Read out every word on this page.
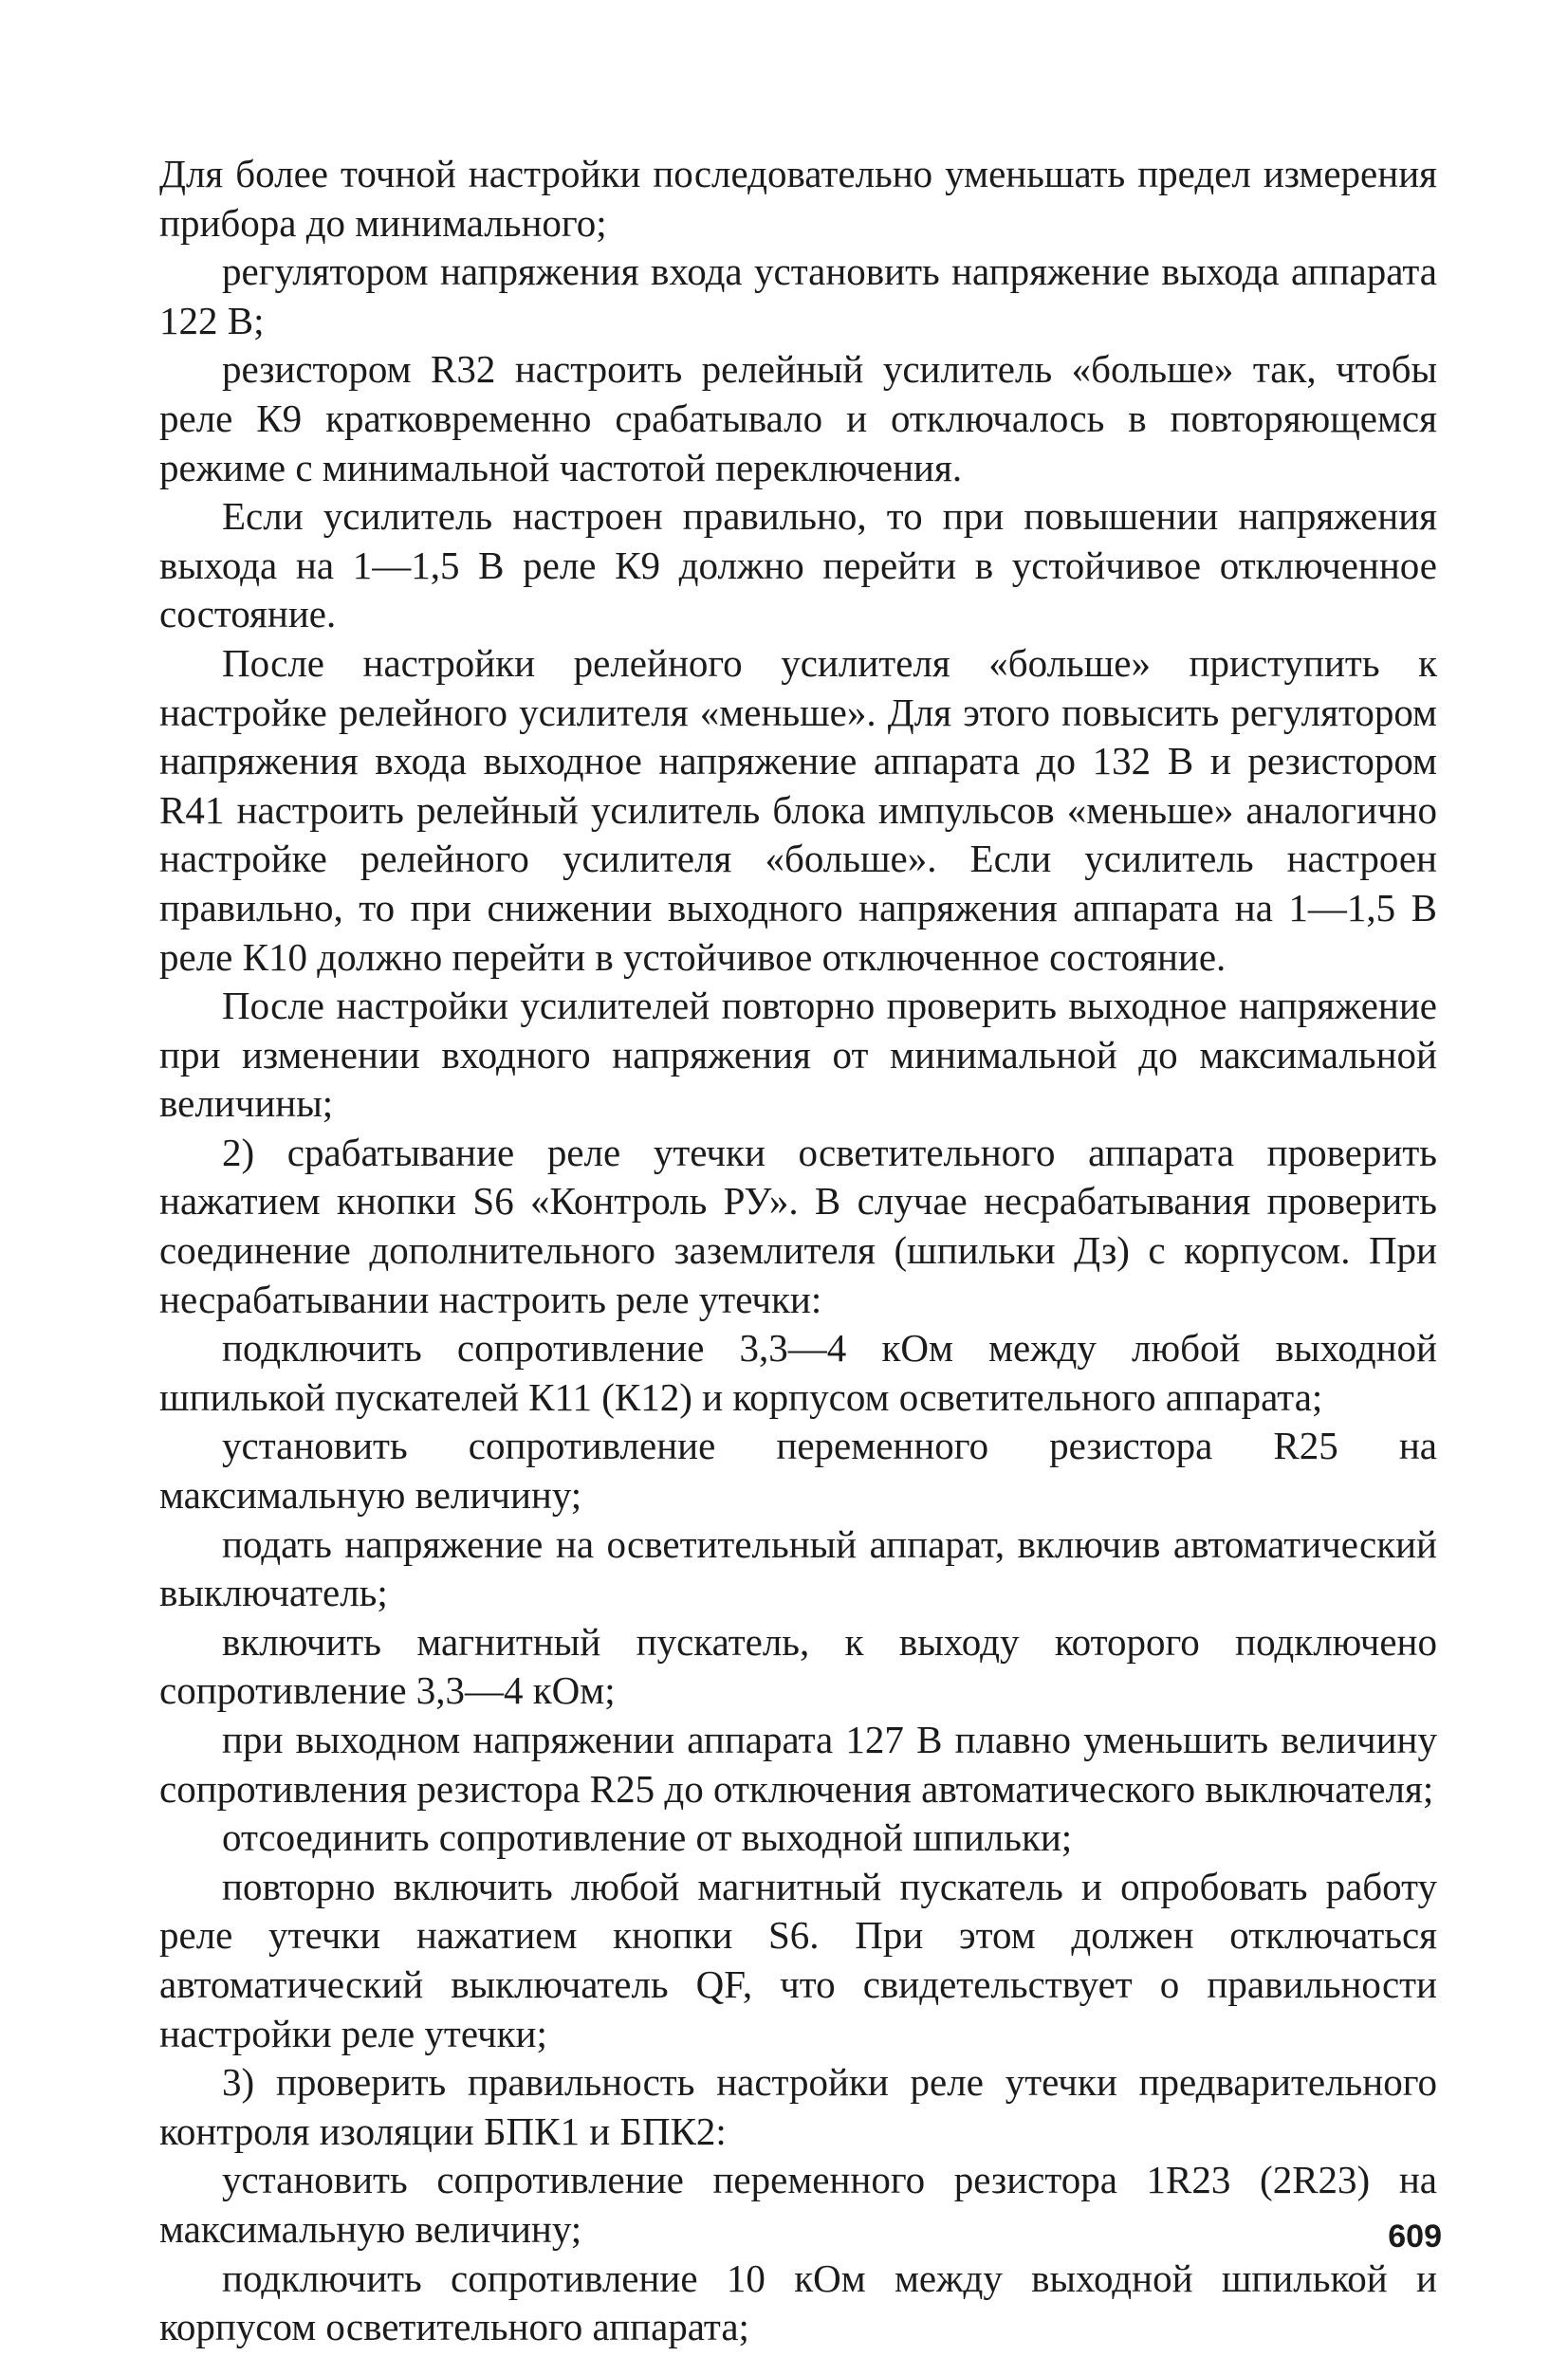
Для более точной настройки последовательно уменьшать предел измерения прибора до минимального;

регулятором напряжения входа установить напряжение выхода аппарата 122 В;

резистором R32 настроить релейный усилитель «больше» так, чтобы реле К9 кратковременно срабатывало и отключалось в повторяющемся режиме с минимальной частотой переключения.

Если усилитель настроен правильно, то при повышении напряжения выхода на 1—1,5 В реле К9 должно перейти в устойчивое отключенное состояние.

После настройки релейного усилителя «больше» приступить к настройке релейного усилителя «меньше». Для этого повысить регулятором напряжения входа выходное напряжение аппарата до 132 В и резистором R41 настроить релейный усилитель блока импульсов «меньше» аналогично настройке релейного усилителя «больше». Если усилитель настроен правильно, то при снижении выходного напряжения аппарата на 1—1,5 В реле К10 должно перейти в устойчивое отключенное состояние.

После настройки усилителей повторно проверить выходное напряжение при изменении входного напряжения от минимальной до максимальной величины;

2) срабатывание реле утечки осветительного аппарата проверить нажатием кнопки S6 «Контроль РУ». В случае несрабатывания проверить соединение дополнительного заземлителя (шпильки Дз) с корпусом. При несрабатывании настроить реле утечки:

подключить сопротивление 3,3—4 кОм между любой выходной шпилькой пускателей К11 (К12) и корпусом осветительного аппарата;

установить сопротивление переменного резистора R25 на максимальную величину;

подать напряжение на осветительный аппарат, включив автоматический выключатель;

включить магнитный пускатель, к выходу которого подключено сопротивление 3,3—4 кОм;

при выходном напряжении аппарата 127 В плавно уменьшить величину сопротивления резистора R25 до отключения автоматического выключателя;

отсоединить сопротивление от выходной шпильки;

повторно включить любой магнитный пускатель и опробовать работу реле утечки нажатием кнопки S6. При этом должен отключаться автоматический выключатель QF, что свидетельствует о правильности настройки реле утечки;

3) проверить правильность настройки реле утечки предварительного контроля изоляции БПК1 и БПК2:

установить сопротивление переменного резистора 1R23 (2R23) на максимальную величину;

подключить сопротивление 10 кОм между выходной шпилькой и корпусом осветительного аппарата;

609
